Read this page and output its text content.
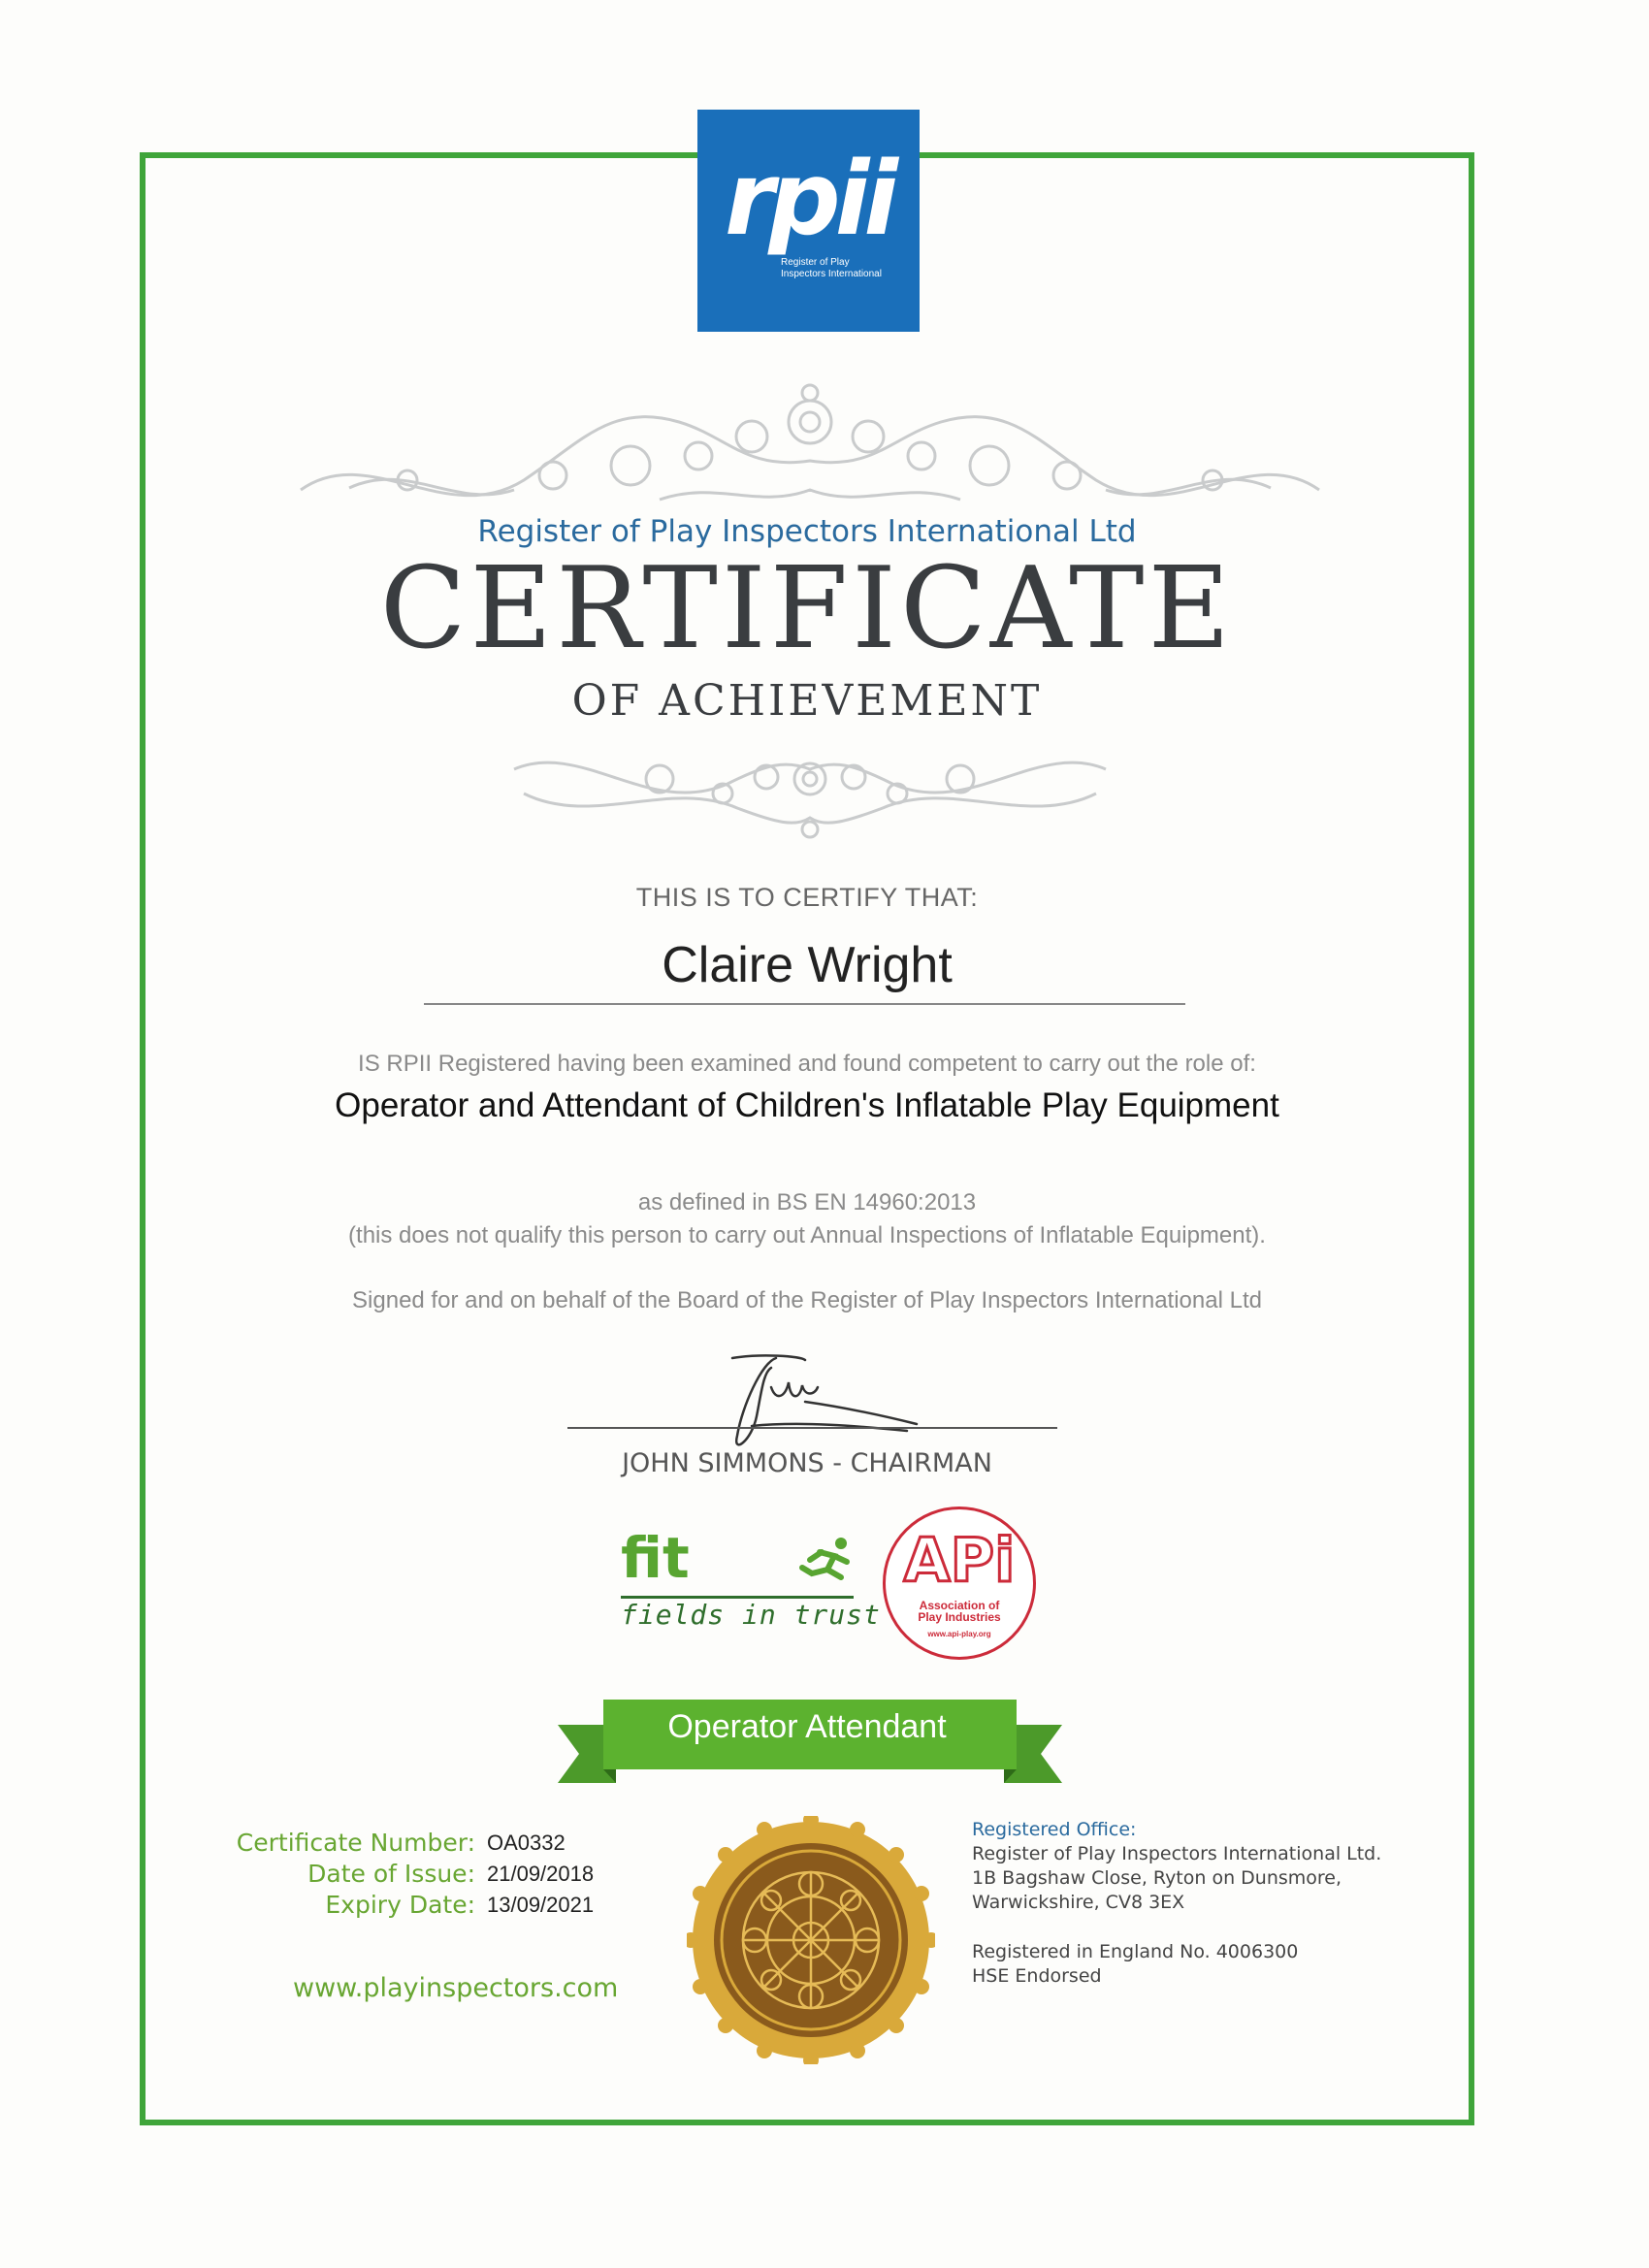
rpii
Register of Play
Inspectors International
Register of Play Inspectors International Ltd
CERTIFICATE
OF ACHIEVEMENT
THIS IS TO CERTIFY THAT:
Claire Wright
IS RPII Registered having been examined and found competent to carry out the role of:
Operator and Attendant of Children's Inflatable Play Equipment
as defined in BS EN 14960:2013
(this does not qualify this person to carry out Annual Inspections of Inflatable Equipment).
Signed for and on behalf of the Board of the Register of Play Inspectors International Ltd
JOHN SIMMONS - CHAIRMAN
fit
fields in trust
APi
Association of
Play Industries
www.api-play.org
Operator Attendant
Certificate Number:
Date of Issue:
Expiry Date:
OA0332
21/09/2018
13/09/2021
www.playinspectors.com
Registered Office:
Register of Play Inspectors International Ltd.
1B Bagshaw Close, Ryton on Dunsmore,
Warwickshire, CV8 3EX
Registered in England No. 4006300
HSE Endorsed
